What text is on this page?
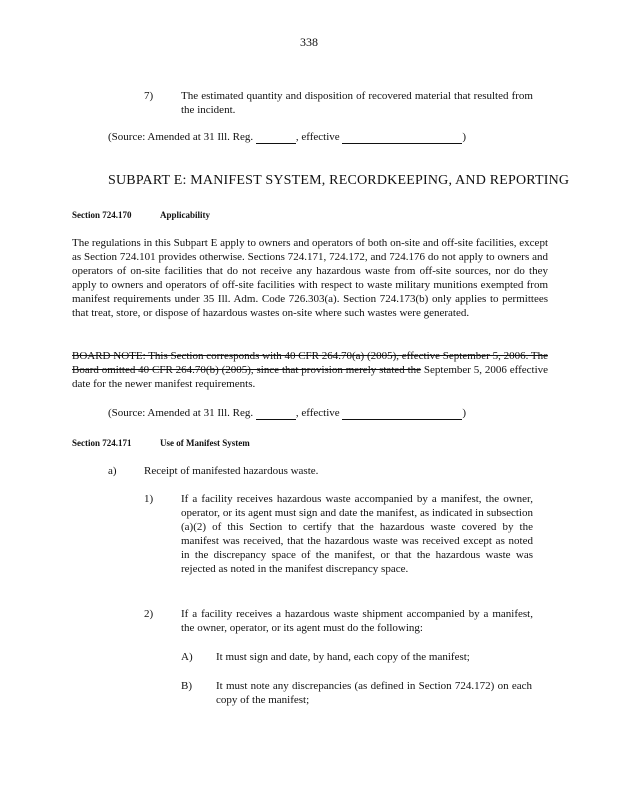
338
7)	The estimated quantity and disposition of recovered material that resulted from the incident.
(Source: Amended at 31 Ill. Reg.	, effective	)
SUBPART E: MANIFEST SYSTEM, RECORDKEEPING, AND REPORTING
Section 724.170	Applicability
The regulations in this Subpart E apply to owners and operators of both on-site and off-site facilities, except as Section 724.101 provides otherwise. Sections 724.171, 724.172, and 724.176 do not apply to owners and operators of on-site facilities that do not receive any hazardous waste from off-site sources, nor do they apply to owners and operators of off-site facilities with respect to waste military munitions exempted from manifest requirements under 35 Ill. Adm. Code 726.303(a). Section 724.173(b) only applies to permittees that treat, store, or dispose of hazardous wastes on-site where such wastes were generated.
BOARD NOTE: This Section corresponds with 40 CFR 264.70(a) (2005), effective September 5, 2006. The Board omitted 40 CFR 264.70(b) (2005), since that provision merely stated the September 5, 2006 effective date for the newer manifest requirements.
(Source: Amended at 31 Ill. Reg.	, effective	)
Section 724.171	Use of Manifest System
a) Receipt of manifested hazardous waste.
1)	If a facility receives hazardous waste accompanied by a manifest, the owner, operator, or its agent must sign and date the manifest, as indicated in subsection (a)(2) of this Section to certify that the hazardous waste covered by the manifest was received, that the hazardous waste was received except as noted in the discrepancy space of the manifest, or that the hazardous waste was rejected as noted in the manifest discrepancy space.
2)	If a facility receives a hazardous waste shipment accompanied by a manifest, the owner, operator, or its agent must do the following:
A) It must sign and date, by hand, each copy of the manifest;
B) It must note any discrepancies (as defined in Section 724.172) on each copy of the manifest;
